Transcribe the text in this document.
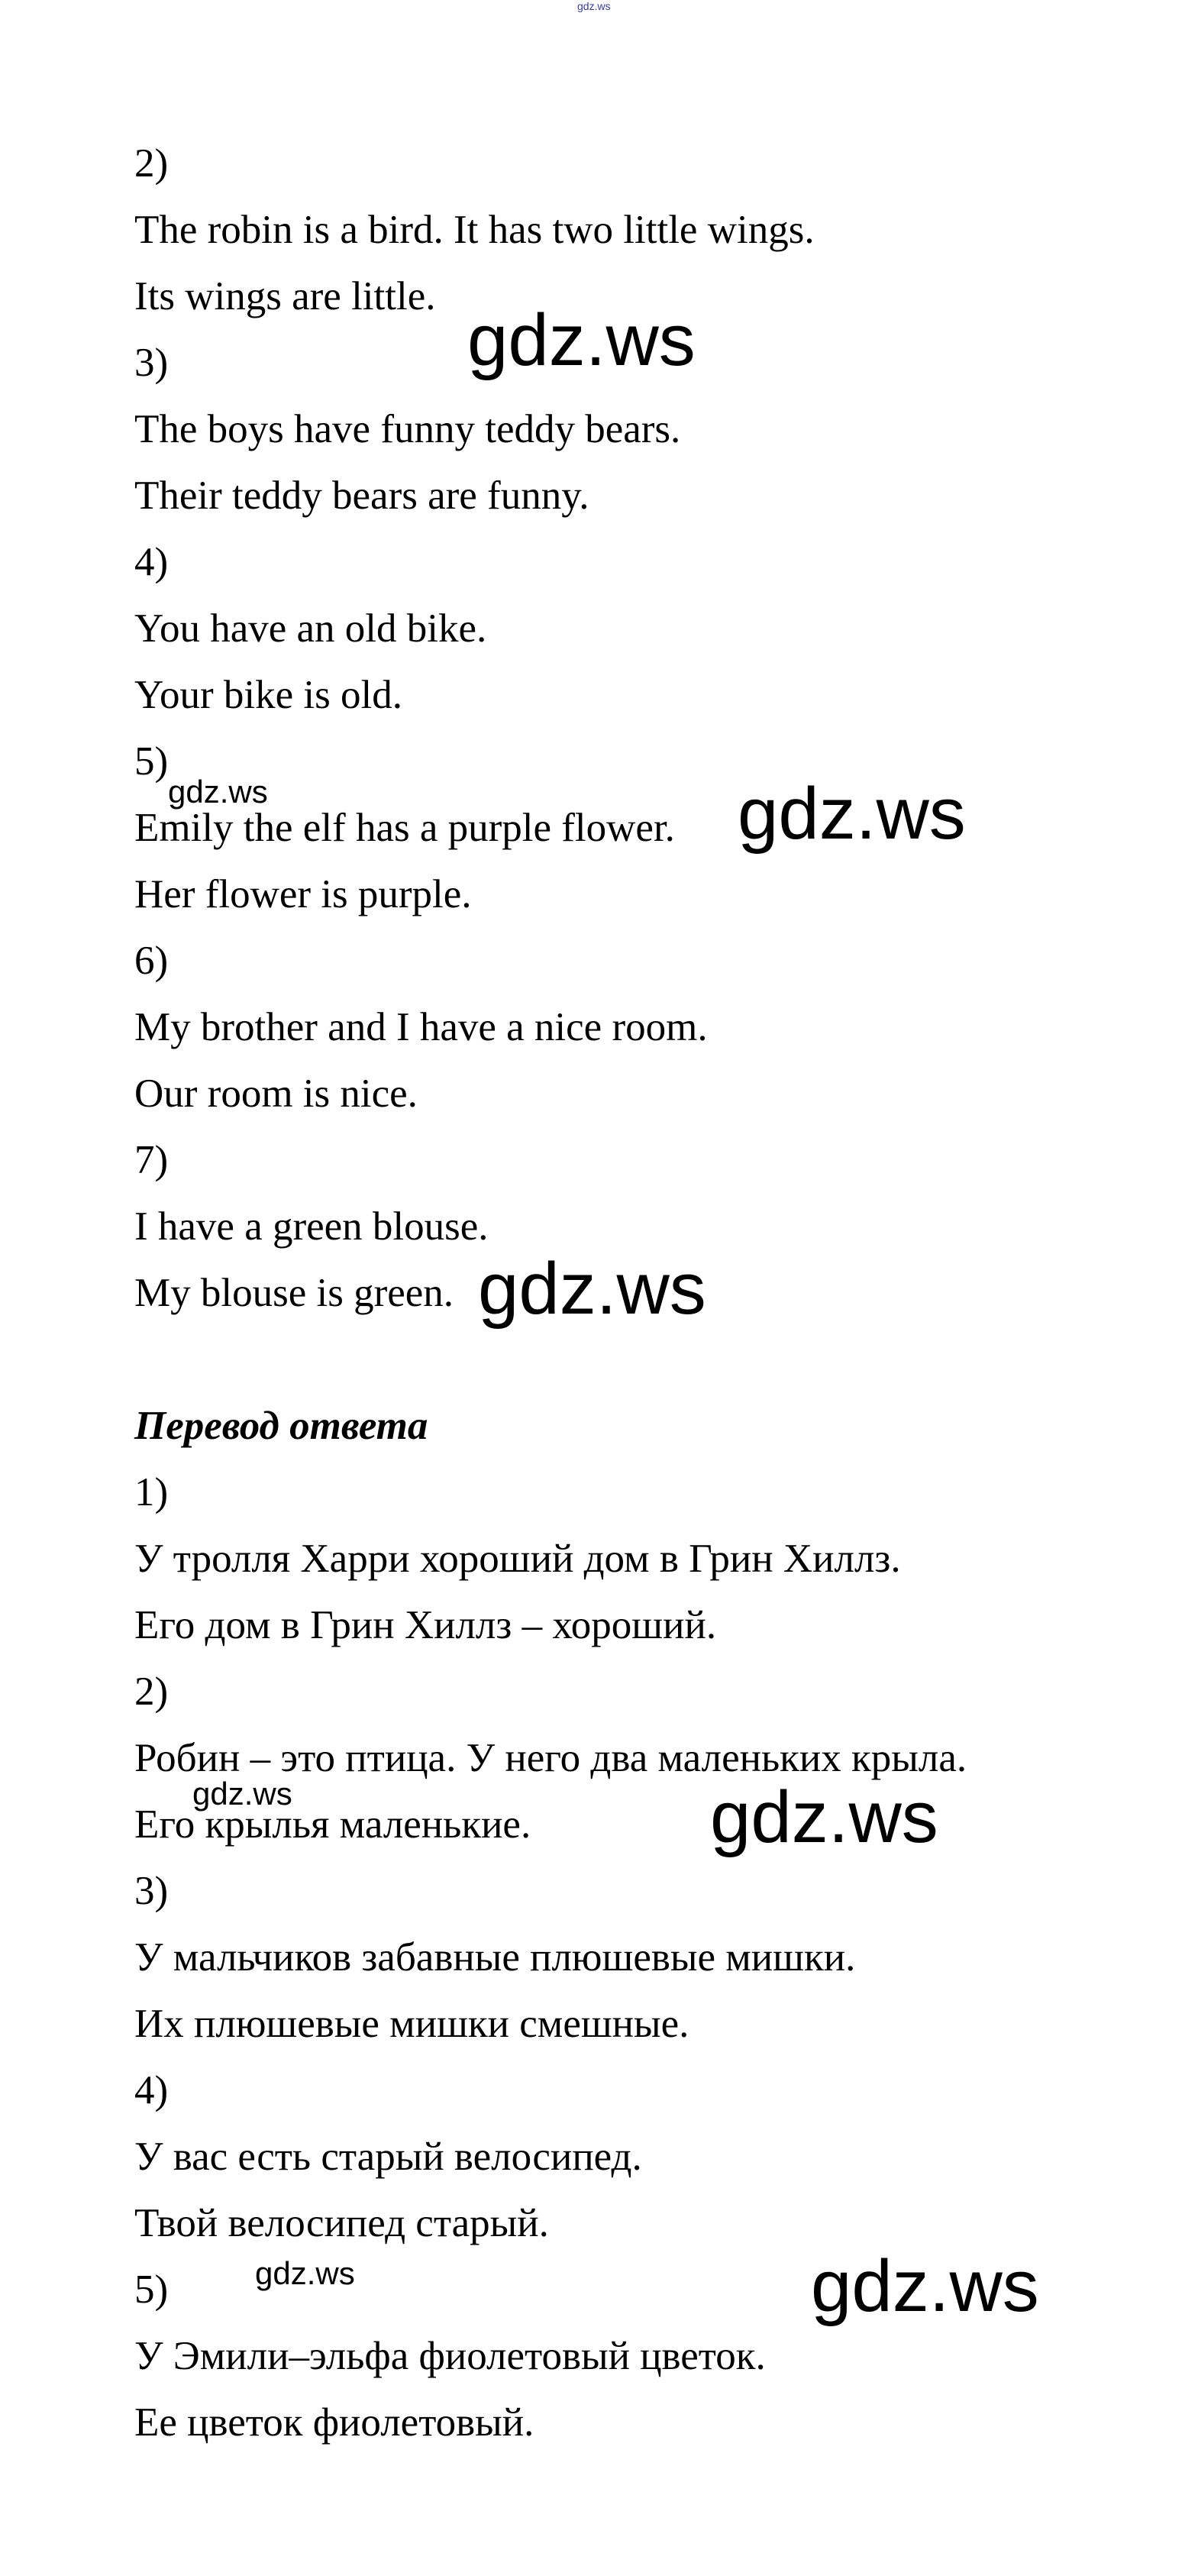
gdz.ws
2)
The robin is a bird. It has two little wings.
Its wings are little.
3)
The boys have funny teddy bears.
Their teddy bears are funny.
4)
You have an old bike.
Your bike is old.
5)
Emily the elf has a purple flower.
Her flower is purple.
6)
My brother and I have a nice room.
Our room is nice.
7)
I have a green blouse.
My blouse is green.
Перевод ответа
1)
У тролля Харри хороший дом в Грин Хиллз.
Его дом в Грин Хиллз – хороший.
2)
Робин – это птица. У него два маленьких крыла.
Его крылья маленькие.
3)
У мальчиков забавные плюшевые мишки.
Их плюшевые мишки смешные.
4)
У вас есть старый велосипед.
Твой велосипед старый.
5)
У Эмили–эльфа фиолетовый цветок.
Ее цветок фиолетовый.
gdz.ws
gdz.ws	gdz.ws
gdz.ws
gdz.ws	gdz.ws
gdz.ws	gdz.ws
